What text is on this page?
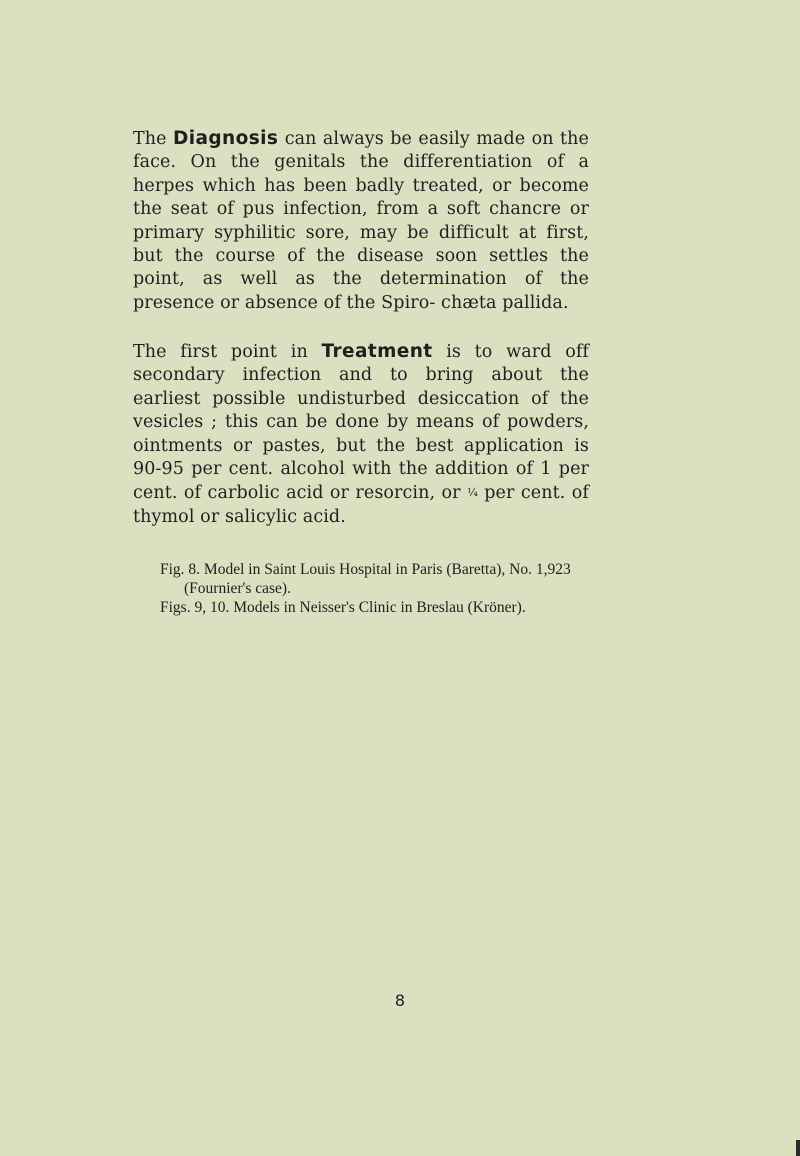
The Diagnosis can always be easily made on the face. On the genitals the differentiation of a herpes which has been badly treated, or become the seat of pus infection, from a soft chancre or primary syphilitic sore, may be difficult at first, but the course of the disease soon settles the point, as well as the determination of the presence or absence of the Spiro- chæta pallida.

The first point in Treatment is to ward off secondary infection and to bring about the earliest possible undisturbed desiccation of the vesicles ; this can be done by means of powders, ointments or pastes, but the best application is 90-95 per cent. alcohol with the addition of 1 per cent. of carbolic acid or resorcin, or ¼ per cent. of thymol or salicylic acid.

Fig. 8. Model in Saint Louis Hospital in Paris (Baretta), No. 1,923 (Fournier's case).

Figs. 9, 10. Models in Neisser's Clinic in Breslau (Kröner).

8
